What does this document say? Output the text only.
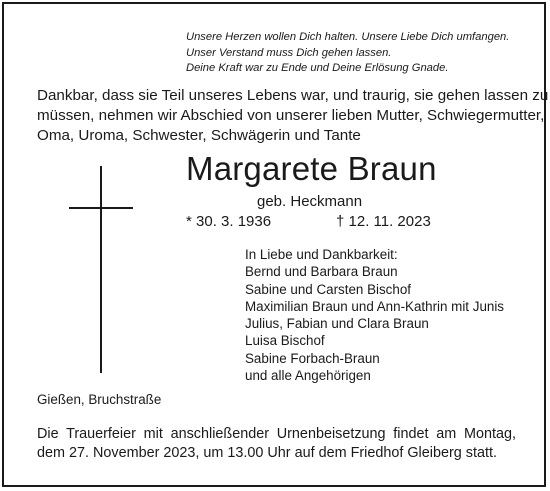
Unsere Herzen wollen Dich halten. Unsere Liebe Dich umfangen.
Unser Verstand muss Dich gehen lassen.
Deine Kraft war zu Ende und Deine Erlösung Gnade.
Dankbar, dass sie Teil unseres Lebens war, und traurig, sie gehen lassen zu
müssen, nehmen wir Abschied von unserer lieben Mutter, Schwiegermutter,
Oma, Uroma, Schwester, Schwägerin und Tante
Margarete Braun
geb. Heckmann
* 30. 3. 1936	† 12. 11. 2023
In Liebe und Dankbarkeit:
Bernd und Barbara Braun
Sabine und Carsten Bischof
Maximilian Braun und Ann-Kathrin mit Junis
Julius, Fabian und Clara Braun
Luisa Bischof
Sabine Forbach-Braun
und alle Angehörigen
Gießen, Bruchstraße
Die Trauerfeier mit anschließender Urnenbeisetzung findet am Montag,
dem 27. November 2023, um 13.00 Uhr auf dem Friedhof Gleiberg statt.
